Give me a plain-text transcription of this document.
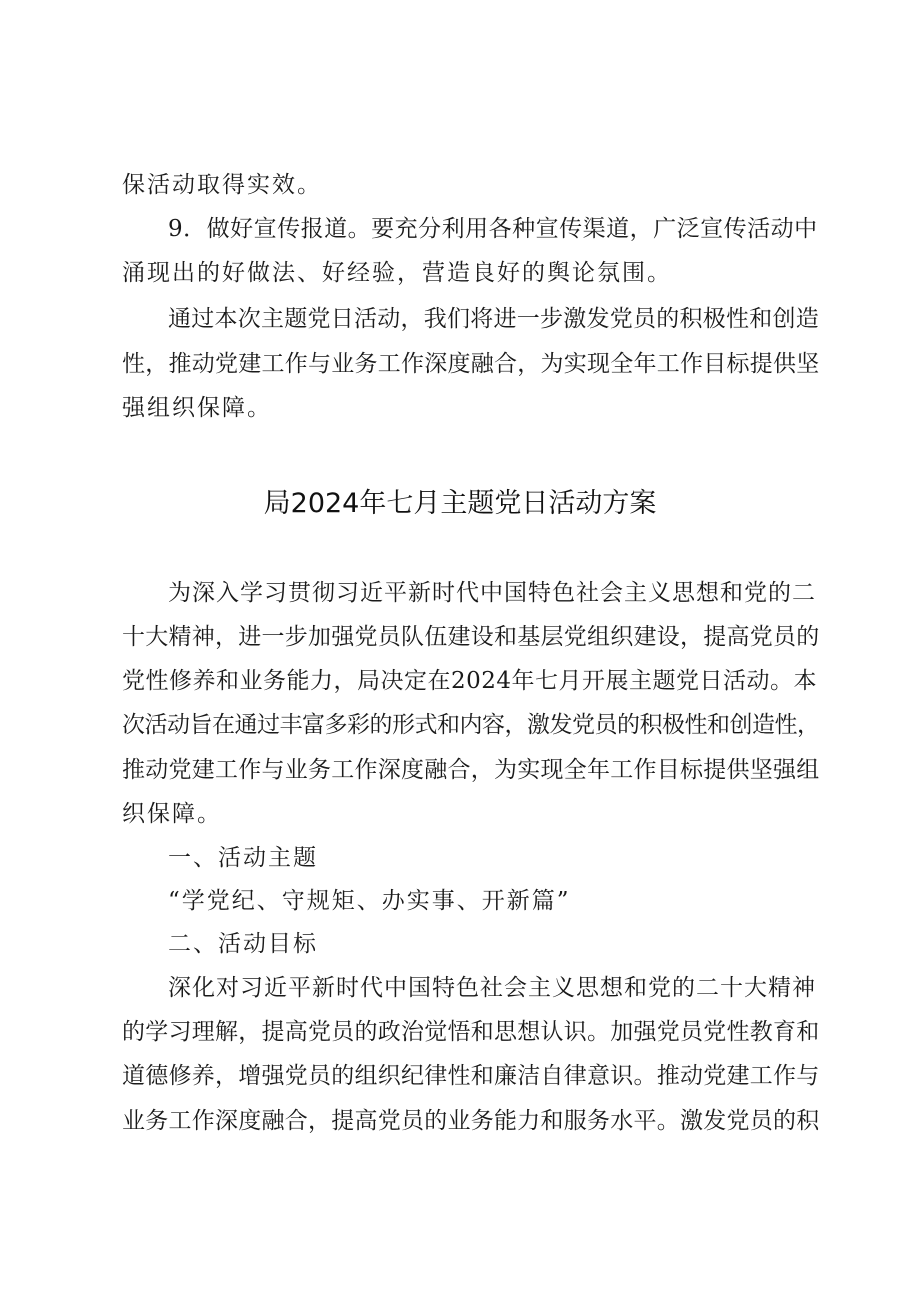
保活动取得实效。
9．做好宣传报道。要充分利用各种宣传渠道，广泛宣传活动中
涌现出的好做法、好经验，营造良好的舆论氛围。
通过本次主题党日活动，我们将进一步激发党员的积极性和创造
性，推动党建工作与业务工作深度融合，为实现全年工作目标提供坚
强组织保障。
局2024年七月主题党日活动方案
为深入学习贯彻习近平新时代中国特色社会主义思想和党的二
十大精神，进一步加强党员队伍建设和基层党组织建设，提高党员的
党性修养和业务能力，局决定在2024年七月开展主题党日活动。本
次活动旨在通过丰富多彩的形式和内容，激发党员的积极性和创造性，
推动党建工作与业务工作深度融合，为实现全年工作目标提供坚强组
织保障。
一、活动主题
“学党纪、守规矩、办实事、开新篇”
二、活动目标
深化对习近平新时代中国特色社会主义思想和党的二十大精神
的学习理解，提高党员的政治觉悟和思想认识。加强党员党性教育和
道德修养，增强党员的组织纪律性和廉洁自律意识。推动党建工作与
业务工作深度融合，提高党员的业务能力和服务水平。激发党员的积
